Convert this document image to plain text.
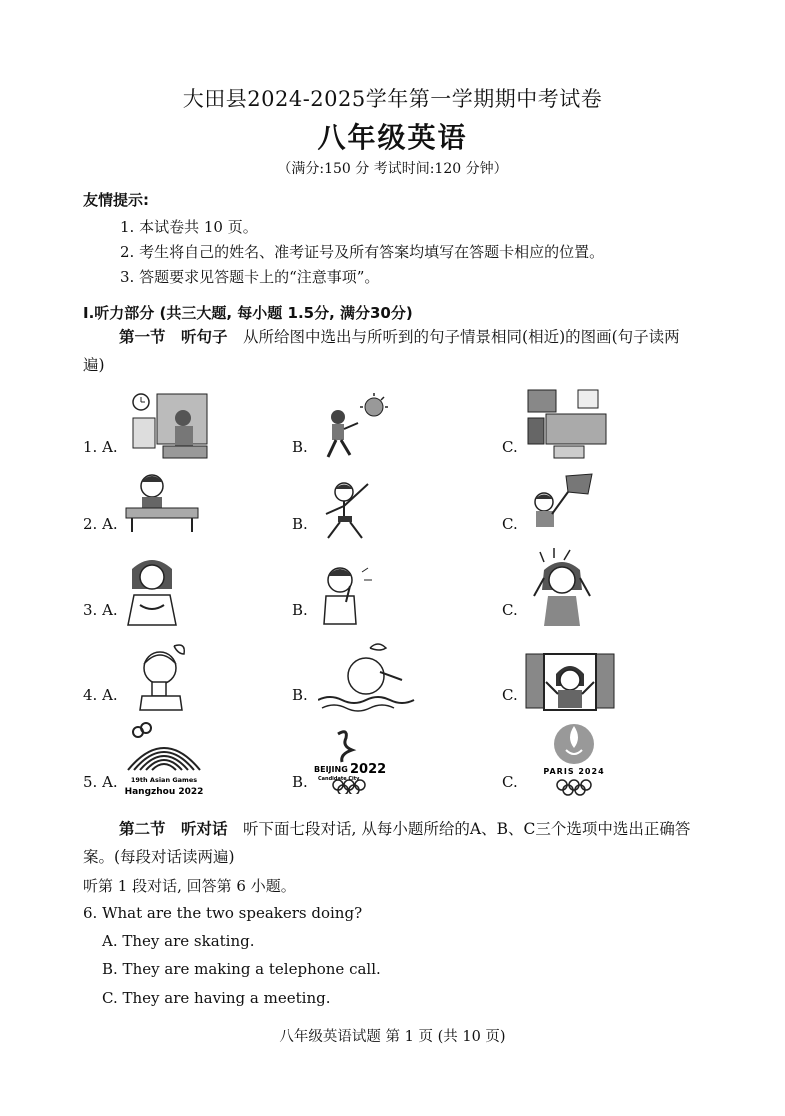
大田县2024-2025学年第一学期期中考试卷
八年级英语
（满分:150 分 考试时间:120 分钟）
友情提示:
1. 本试卷共 10 页。
2. 考生将自己的姓名、准考证号及所有答案均填写在答题卡相应的位置。
3. 答题要求见答题卡上的“注意事项”。
Ⅰ.听力部分 (共三大题, 每小题 1.5分, 满分30分)
第一节　听句子　从所给图中选出与所听到的句子情景相同(相近)的图画(句子读两遍)
1. A.	B.	C.
2. A.	B.	C.
3. A.	B.	C.
4. A.	B.	C.
5. A.	B.	C.
19th Asian Games
Hangzhou 2022
BEIJING 2022
Candidate City
PARIS 2024
第二节　听对话　听下面七段对话, 从每小题所给的A、B、C三个选项中选出正确答案。(每段对话读两遍)
听第 1 段对话, 回答第 6 小题。
6. What are the two speakers doing?
A. They are skating.
B. They are making a telephone call.
C. They are having a meeting.
八年级英语试题 第 1 页 (共 10 页)
